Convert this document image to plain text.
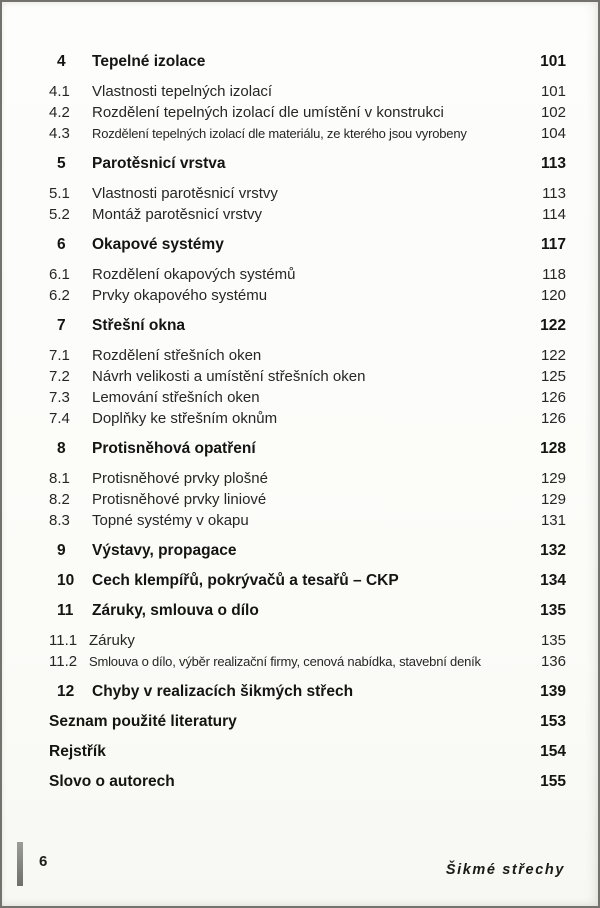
4	Tepelné izolace	101
4.1	Vlastnosti tepelných izolací	101
4.2	Rozdělení tepelných izolací dle umístění v konstrukci	102
4.3	Rozdělení tepelných izolací dle materiálu, ze kterého jsou vyrobeny	104
5	Parotěsnicí vrstva	113
5.1	Vlastnosti parotěsnicí vrstvy	113
5.2	Montáž parotěsnicí vrstvy	114
6	Okapové systémy	117
6.1	Rozdělení okapových systémů	118
6.2	Prvky okapového systému	120
7	Střešní okna	122
7.1	Rozdělení střešních oken	122
7.2	Návrh velikosti a umístění střešních oken	125
7.3	Lemování střešních oken	126
7.4	Doplňky ke střešním oknům	126
8	Protisněhová opatření	128
8.1	Protisněhové prvky plošné	129
8.2	Protisněhové prvky liniové	129
8.3	Topné systémy v okapu	131
9	Výstavy, propagace	132
10	Cech klempířů, pokrývačů a tesařů – CKP	134
11	Záruky, smlouva o dílo	135
11.1 Záruky	135
11.2 Smlouva o dílo, výběr realizační firmy, cenová nabídka, stavební deník	136
12	Chyby v realizacích šikmých střech	139
Seznam použité literatury	153
Rejstřík	154
Slovo o autorech	155
6	Šikmé střechy
